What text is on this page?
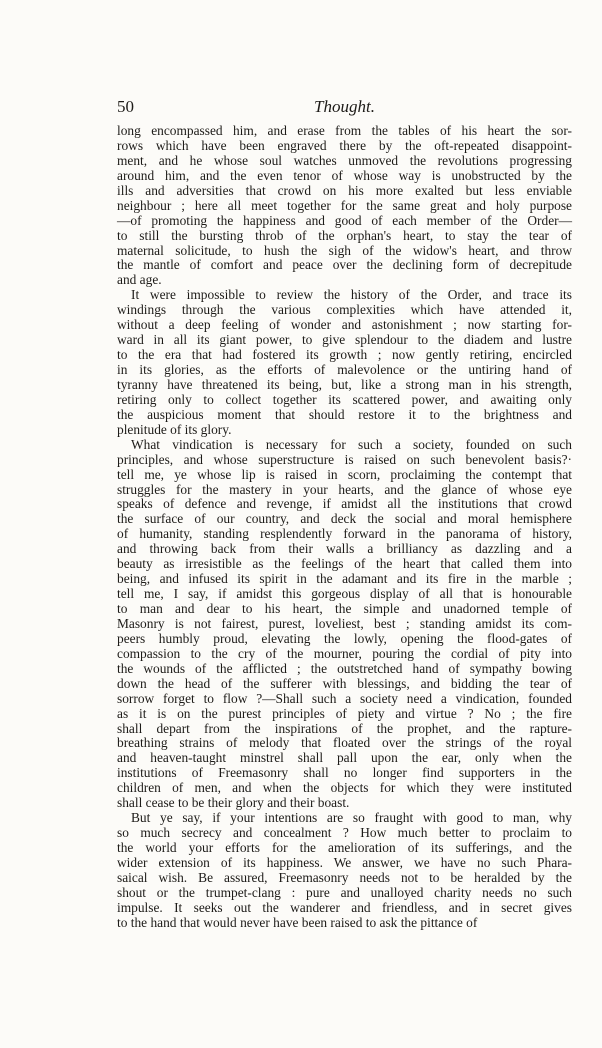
50	Thought.
long encompassed him, and erase from the tables of his heart the sor-
rows which have been engraved there by the oft-repeated disappoint-
ment, and he whose soul watches unmoved the revolutions progressing
around him, and the even tenor of whose way is unobstructed by the
ills and adversities that crowd on his more exalted but less enviable
neighbour ; here all meet together for the same great and holy purpose
—of promoting the happiness and good of each member of the Order—
to still the bursting throb of the orphan's heart, to stay the tear of
maternal solicitude, to hush the sigh of the widow's heart, and throw
the mantle of comfort and peace over the declining form of decrepitude
and age.
It were impossible to review the history of the Order, and trace its
windings through the various complexities which have attended it,
without a deep feeling of wonder and astonishment ; now starting for-
ward in all its giant power, to give splendour to the diadem and lustre
to the era that had fostered its growth ; now gently retiring, encircled
in its glories, as the efforts of malevolence or the untiring hand of
tyranny have threatened its being, but, like a strong man in his strength,
retiring only to collect together its scattered power, and awaiting only
the auspicious moment that should restore it to the brightness and
plenitude of its glory.
What vindication is necessary for such a society, founded on such
principles, and whose superstructure is raised on such benevolent basis?·
tell me, ye whose lip is raised in scorn, proclaiming the contempt that
struggles for the mastery in your hearts, and the glance of whose eye
speaks of defence and revenge, if amidst all the institutions that crowd
the surface of our country, and deck the social and moral hemisphere
of humanity, standing resplendently forward in the panorama of history,
and throwing back from their walls a brilliancy as dazzling and a
beauty as irresistible as the feelings of the heart that called them into
being, and infused its spirit in the adamant and its fire in the marble ;
tell me, I say, if amidst this gorgeous display of all that is honourable
to man and dear to his heart, the simple and unadorned temple of
Masonry is not fairest, purest, loveliest, best ; standing amidst its com-
peers humbly proud, elevating the lowly, opening the flood-gates of
compassion to the cry of the mourner, pouring the cordial of pity into
the wounds of the afflicted ; the outstretched hand of sympathy bowing
down the head of the sufferer with blessings, and bidding the tear of
sorrow forget to flow ?—Shall such a society need a vindication, founded
as it is on the purest principles of piety and virtue ? No ; the fire
shall depart from the inspirations of the prophet, and the rapture-
breathing strains of melody that floated over the strings of the royal
and heaven-taught minstrel shall pall upon the ear, only when the
institutions of Freemasonry shall no longer find supporters in the
children of men, and when the objects for which they were instituted
shall cease to be their glory and their boast.
But ye say, if your intentions are so fraught with good to man, why
so much secrecy and concealment ? How much better to proclaim to
the world your efforts for the amelioration of its sufferings, and the
wider extension of its happiness. We answer, we have no such Phara-
saical wish. Be assured, Freemasonry needs not to be heralded by the
shout or the trumpet-clang : pure and unalloyed charity needs no such
impulse. It seeks out the wanderer and friendless, and in secret gives
to the hand that would never have been raised to ask the pittance of
